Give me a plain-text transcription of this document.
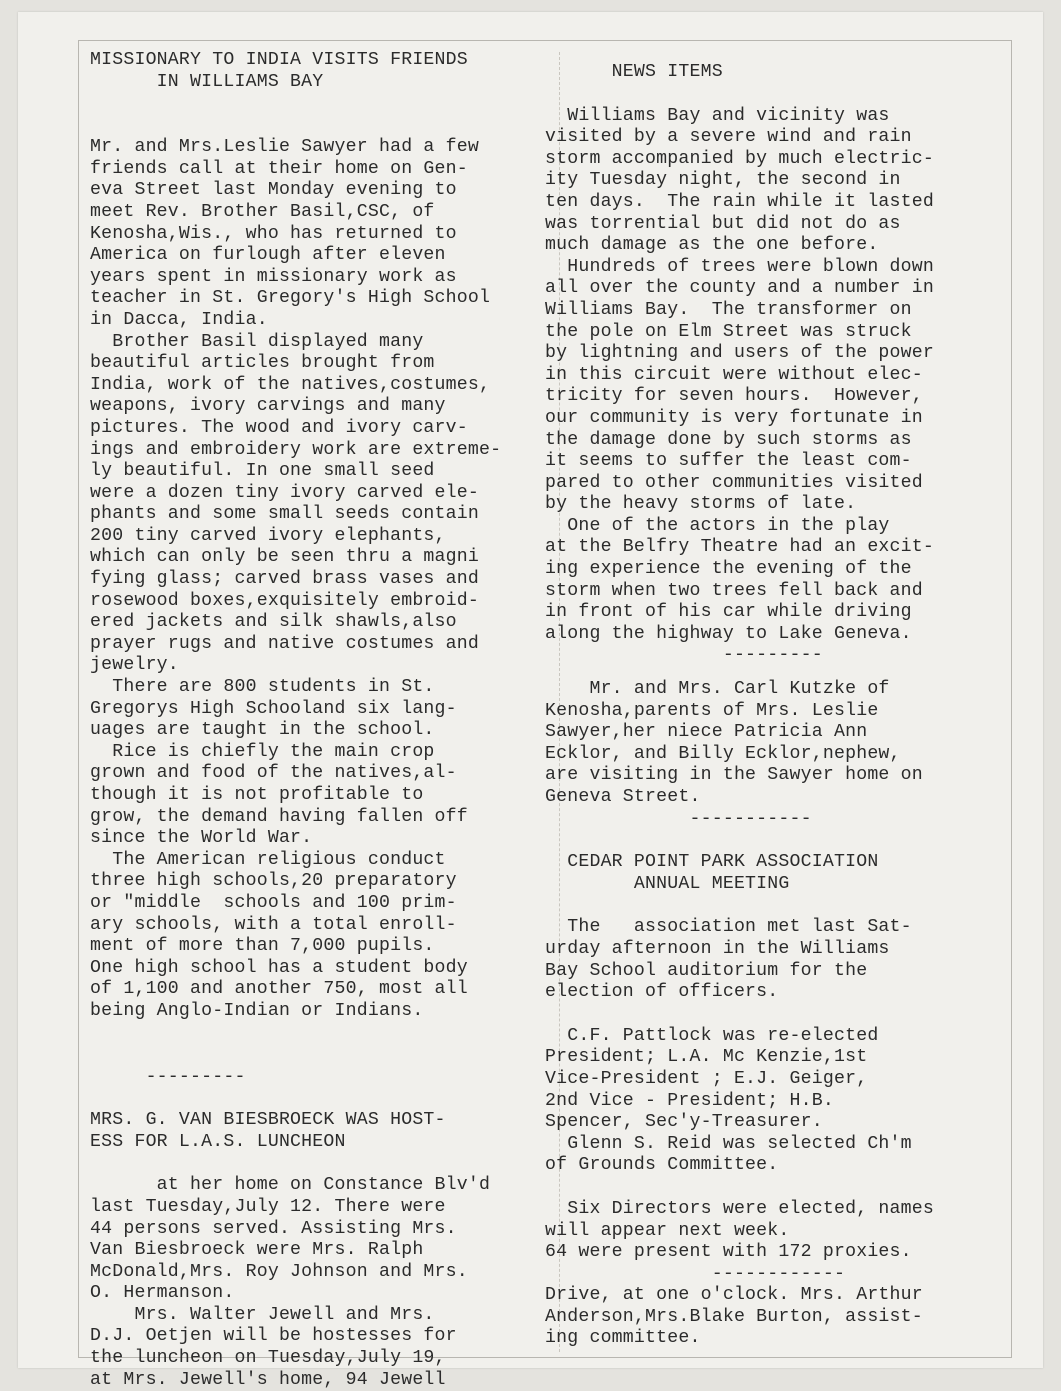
MISSIONARY TO INDIA VISITS FRIENDS
IN WILLIAMS BAY
Mr. and Mrs.Leslie Sawyer had a few
friends call at their home on Gen-
eva Street last Monday evening to
meet Rev. Brother Basil,CSC, of
Kenosha,Wis., who has returned to
America on furlough after eleven
years spent in missionary work as
teacher in St. Gregory's High School
in Dacca, India.
Brother Basil displayed many
beautiful articles brought from
India, work of the natives,costumes,
weapons, ivory carvings and many
pictures. The wood and ivory carv-
ings and embroidery work are extreme-
ly beautiful. In one small seed
were a dozen tiny ivory carved ele-
phants and some small seeds contain
200 tiny carved ivory elephants,
which can only be seen thru a magni
fying glass; carved brass vases and
rosewood boxes,exquisitely embroid-
ered jackets and silk shawls,also
prayer rugs and native costumes and
jewelry.
There are 800 students in St.
Gregorys High Schooland six lang-
uages are taught in the school.
Rice is chiefly the main crop
grown and food of the natives,al-
though it is not profitable to
grow, the demand having fallen off
since the World War.
The American religious conduct
three high schools,20 preparatory
or "middle  schools and 100 prim-
ary schools, with a total enroll-
ment of more than 7,000 pupils.
One high school has a student body
of 1,100 and another 750, most all
being Anglo-Indian or Indians.
---------
MRS. G. VAN BIESBROECK WAS HOST-
ESS FOR L.A.S. LUNCHEON
at her home on Constance Blv'd
last Tuesday,July 12. There were
44 persons served. Assisting Mrs.
Van Biesbroeck were Mrs. Ralph
McDonald,Mrs. Roy Johnson and Mrs.
O. Hermanson.
Mrs. Walter Jewell and Mrs.
D.J. Oetjen will be hostesses for
the luncheon on Tuesday,July 19,
at Mrs. Jewell's home, 94 Jewell
NEWS ITEMS
Williams Bay and vicinity was
visited by a severe wind and rain
storm accompanied by much electric-
ity Tuesday night, the second in
ten days.  The rain while it lasted
was torrential but did not do as
much damage as the one before.
Hundreds of trees were blown down
all over the county and a number in
Williams Bay.  The transformer on
the pole on Elm Street was struck
by lightning and users of the power
in this circuit were without elec-
tricity for seven hours.  However,
our community is very fortunate in
the damage done by such storms as
it seems to suffer the least com-
pared to other communities visited
by the heavy storms of late.
One of the actors in the play
at the Belfry Theatre had an excit-
ing experience the evening of the
storm when two trees fell back and
in front of his car while driving
along the highway to Lake Geneva.
---------
Mr. and Mrs. Carl Kutzke of
Kenosha,parents of Mrs. Leslie
Sawyer,her niece Patricia Ann
Ecklor, and Billy Ecklor,nephew,
are visiting in the Sawyer home on
Geneva Street.
-----------
CEDAR POINT PARK ASSOCIATION
ANNUAL MEETING
The   association met last Sat-
urday afternoon in the Williams
Bay School auditorium for the
election of officers.
C.F. Pattlock was re-elected
President; L.A. Mc Kenzie,1st
Vice-President ; E.J. Geiger,
2nd Vice - President; H.B.
Spencer, Sec'y-Treasurer.
Glenn S. Reid was selected Ch'm
of Grounds Committee.
Six Directors were elected, names
will appear next week.
64 were present with 172 proxies.
------------
Drive, at one o'clock. Mrs. Arthur
Anderson,Mrs.Blake Burton, assist-
ing committee.
